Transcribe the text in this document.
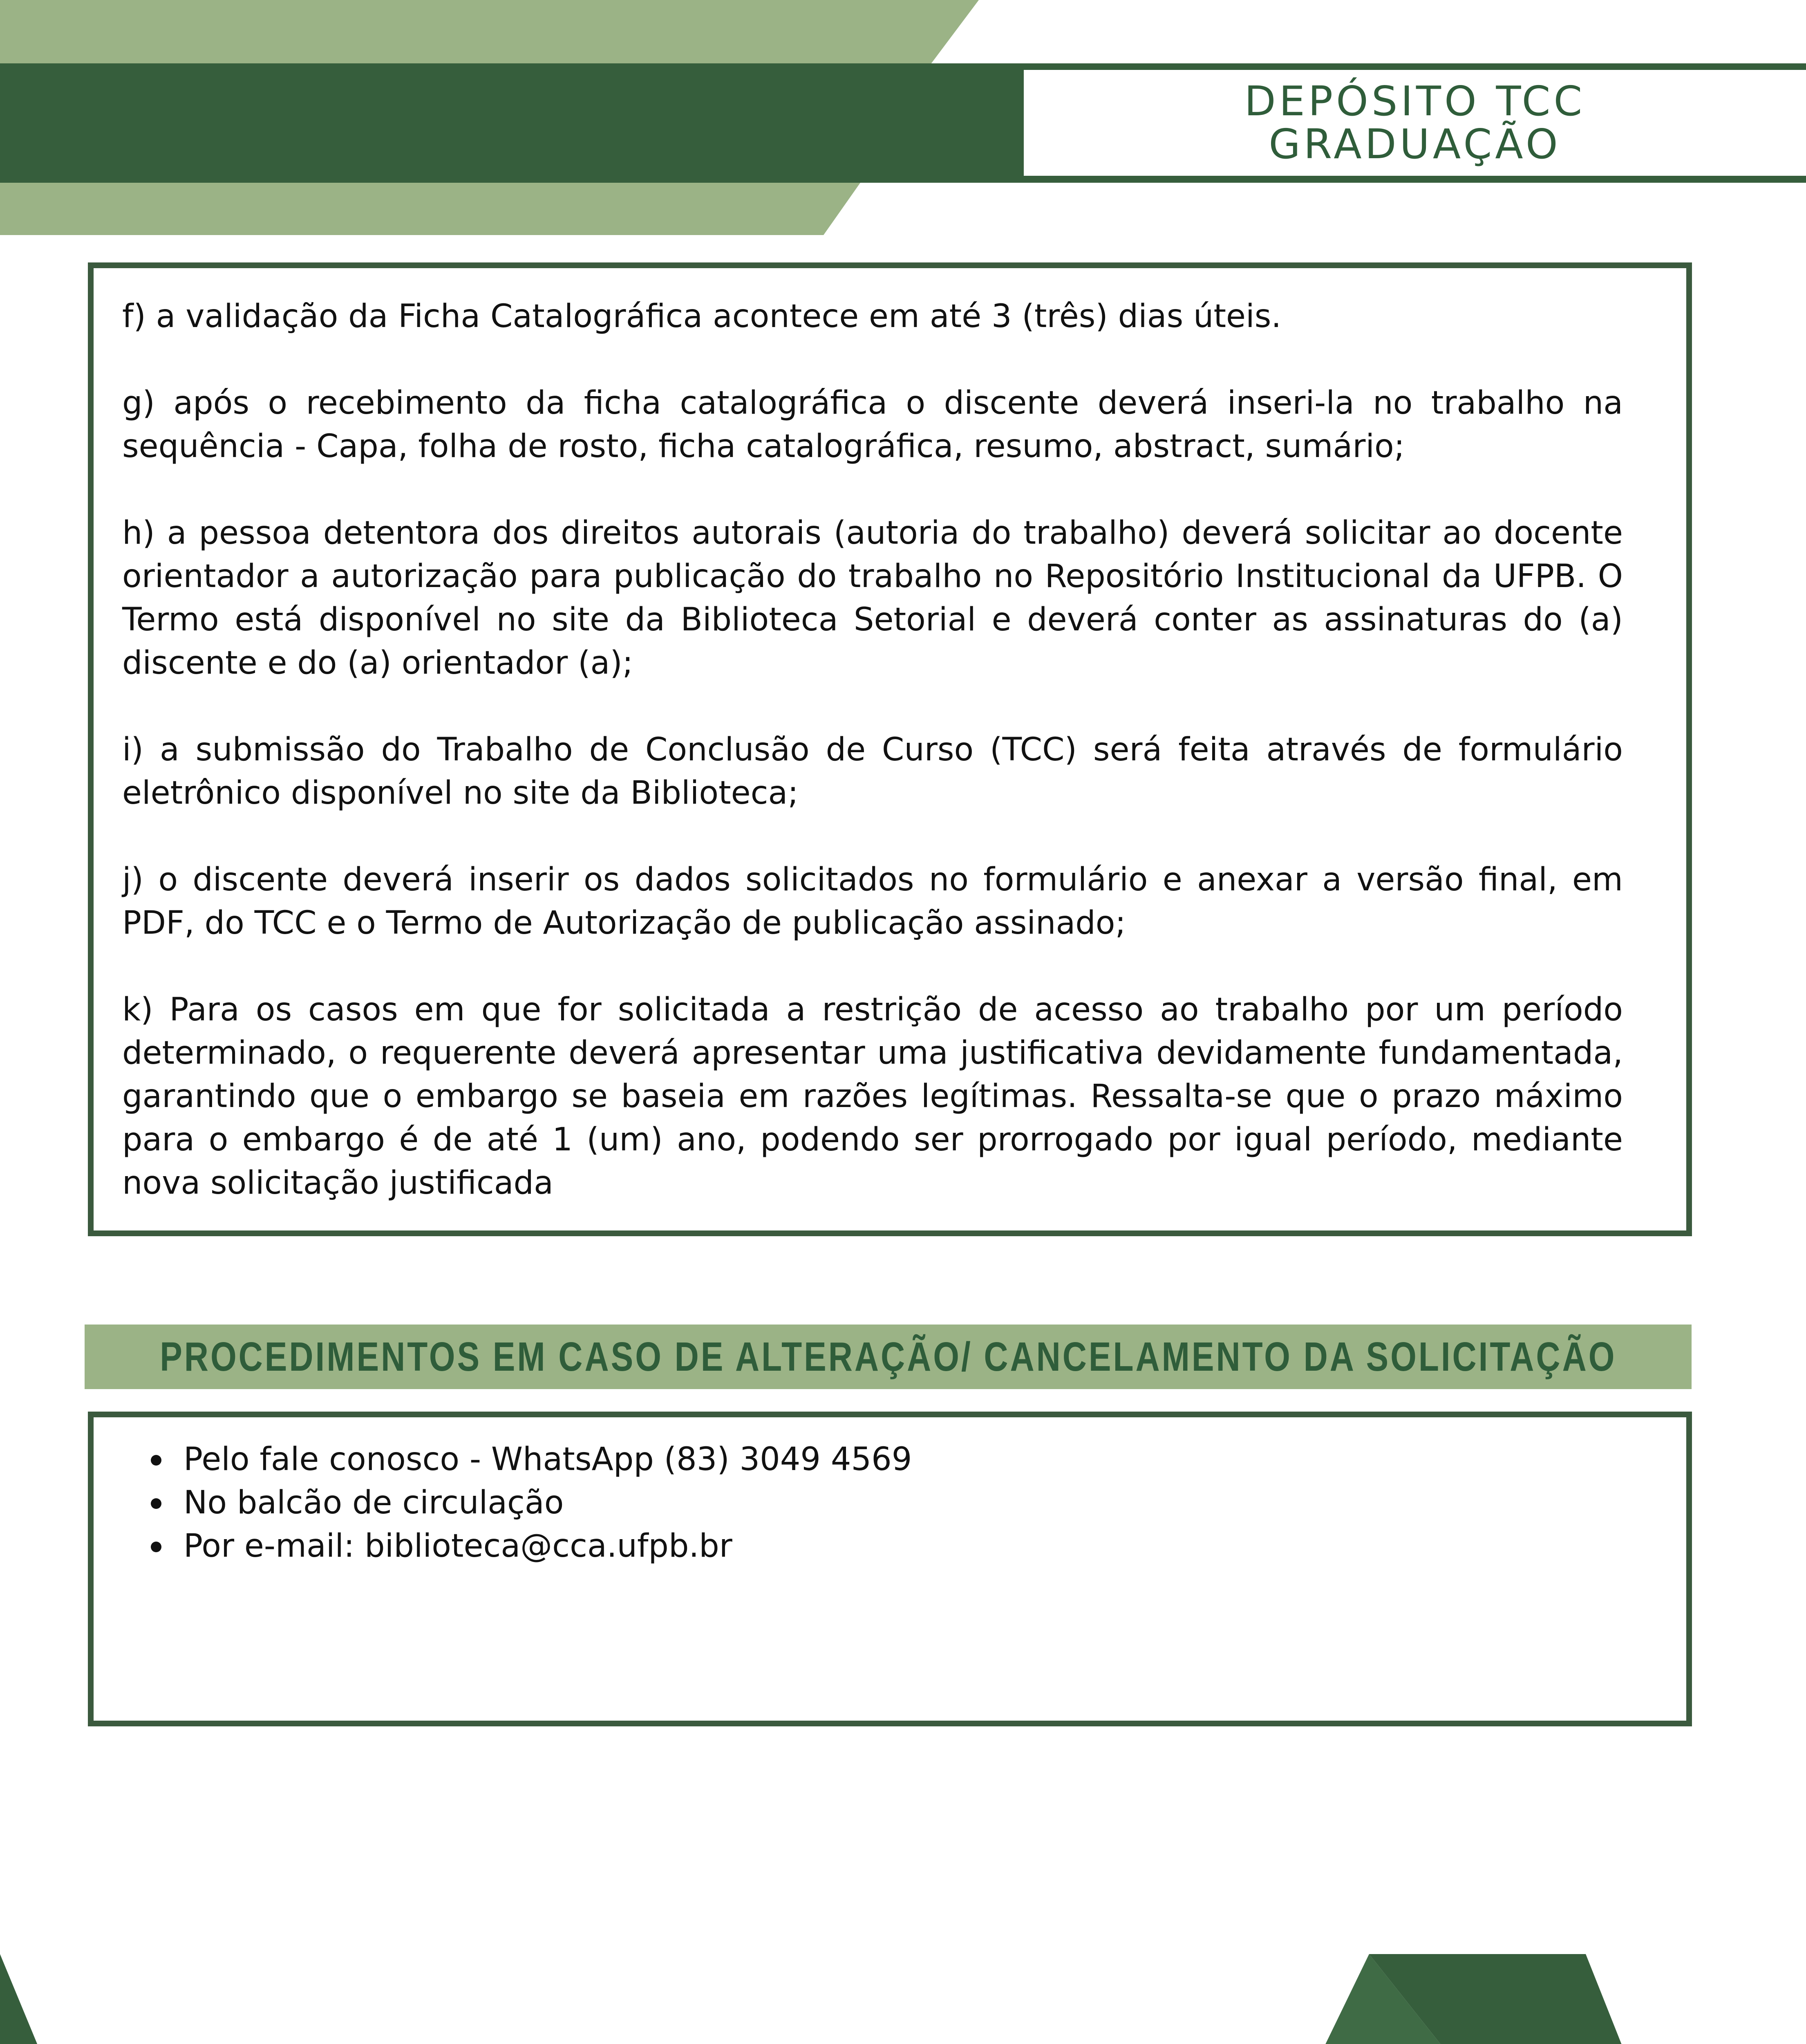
DEPÓSITO TCC
GRADUAÇÃO

f) a validação da Ficha Catalográfica acontece em até 3 (três) dias úteis.

g) após o recebimento da ficha catalográfica o discente deverá inseri-la no trabalho na sequência - Capa, folha de rosto, ficha catalográfica, resumo, abstract, sumário;

h) a pessoa detentora dos direitos autorais (autoria do trabalho) deverá solicitar ao docente orientador a autorização para publicação do trabalho no Repositório Institucional da UFPB. O Termo está disponível no site da Biblioteca Setorial e deverá conter as assinaturas do (a) discente e do (a) orientador (a);

i) a submissão do Trabalho de Conclusão de Curso (TCC) será feita através de formulário eletrônico disponível no site da Biblioteca;

j) o discente deverá inserir os dados solicitados no formulário e anexar a versão final, em PDF, do TCC e o Termo de Autorização de publicação assinado;

k) Para os casos em que for solicitada a restrição de acesso ao trabalho por um período determinado, o requerente deverá apresentar uma justificativa devidamente fundamentada, garantindo que o embargo se baseia em razões legítimas. Ressalta-se que o prazo máximo para o embargo é de até 1 (um) ano, podendo ser prorrogado por igual período, mediante nova solicitação justificada

PROCEDIMENTOS EM CASO DE ALTERAÇÃO/ CANCELAMENTO DA SOLICITAÇÃO
Pelo fale conosco - WhatsApp (83) 3049 4569
No balcão de circulação
Por e-mail: biblioteca@cca.ufpb.br
